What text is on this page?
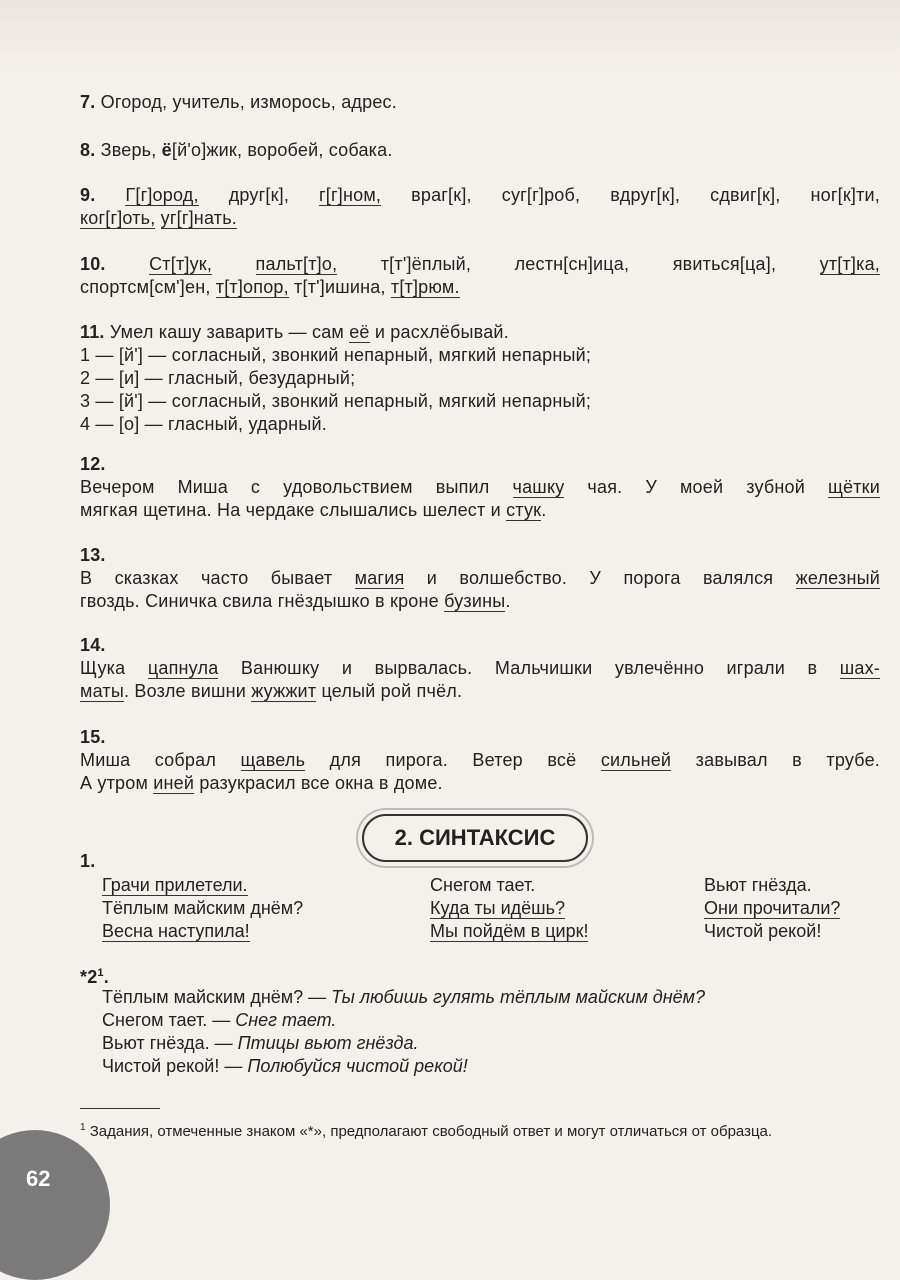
7. Огород, учитель, изморось, адрес.
8. Зверь, ё[й'о]жик, воробей, собака.
9. Г[г]ород, друг[к], г[г]ном, враг[к], суг[г]роб, вдруг[к], сдвиг[к], ног[к]ти,
ког[г]оть, уг[г]нать.
10. Ст[т]ук, пальт[т]о, т[т']ёплый, лестн[сн]ица, явиться[ца], ут[т]ка,
спортсм[см']ен, т[т]опор, т[т']ишина, т[т]рюм.
11. Умел кашу заварить — сам её и расхлёбывай.
1 — [й'] — согласный, звонкий непарный, мягкий непарный;
2 — [и] — гласный, безударный;
3 — [й'] — согласный, звонкий непарный, мягкий непарный;
4 — [о] — гласный, ударный.
12.
Вечером Миша с удовольствием выпил чашку чая. У моей зубной щётки
мягкая щетина. На чердаке слышались шелест и стук.
13.
В сказках часто бывает магия и волшебство. У порога валялся железный
гвоздь. Синичка свила гнёздышко в кроне бузины.
14.
Щука цапнула Ванюшку и вырвалась. Мальчишки увлечённо играли в шах-
маты. Возле вишни жужжит целый рой пчёл.
15.
Миша собрал щавель для пирога. Ветер всё сильней завывал в трубе.
А утром иней разукрасил все окна в доме.
2. СИНТАКСИС
1.
Грачи прилетели.
Тёплым майским днём?
Весна наступила!
Снегом тает.
Куда ты идёшь?
Мы пойдём в цирк!
Вьют гнёзда.
Они прочитали?
Чистой рекой!
$*2^1$.
Тёплым майским днём? — Ты любишь гулять тёплым майским днём?
Снегом тает. — Снег тает.
Вьют гнёзда. — Птицы вьют гнёзда.
Чистой рекой! — Полюбуйся чистой рекой!
$^1$ Задания, отмеченные знаком «*», предполагают свободный ответ и могут отличаться от образца.
62
